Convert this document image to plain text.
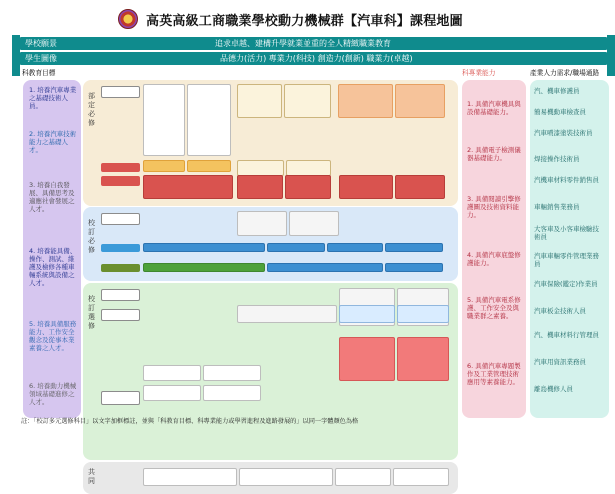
高英高級工商職業學校動力機械群【汽車科】課程地圖
學校願景	追求卓越、建構升學就業並重的全人精緻職業教育
學生圖像	品德力(活力) 專業力(科技) 創造力(創新) 職業力(卓越)
科教育目標	科專業能力	產業人力需求/職場通路
1. 培養汽車專業之基礎技術人員。
2. 培養汽車技術能力之基礎人才。
3. 培養自我發展、具備思考及適應社會發展之人才。
4. 培養能具備、操作、測試、維護及檢修各種車輛系統與設備之人才。
5. 培養具備服務能力、工作安全觀念及從事本業素養之人才。
6. 培養動力機械領域基礎進修之人才。
部定必修
校訂必修
校訂選修
共同
1. 具備汽車機具與設備基礎能力。
2. 具備電子檢測儀器基礎能力。
3. 具備閱讀引擎修護圖及技術資料能力。
4. 具備汽車底盤修護能力。
5. 具備汽車電系修護、工作安全及與職業群之素養。
6. 具備汽車專題製作及工業管理技術應用等素養能力。
汽、機車修護員
簡易機動車檢查員
汽車噴漆塗裝技術員
焊接操作技術員
汽機車材料零件銷售員
車輛銷售業務員
大客車及小客車檢驗技術員
汽車車輛零件管理業務員
汽車保險(鑑定)作業員
汽車板金技術人員
汽、機車材料行管理員
汽車用資訊業務員
離島機修人員
註：「校訂多元選修科目」以文字加框標註，並與「科教育目標、科專業能力或學習進程及進路發展的」以同一字體顏色為格
